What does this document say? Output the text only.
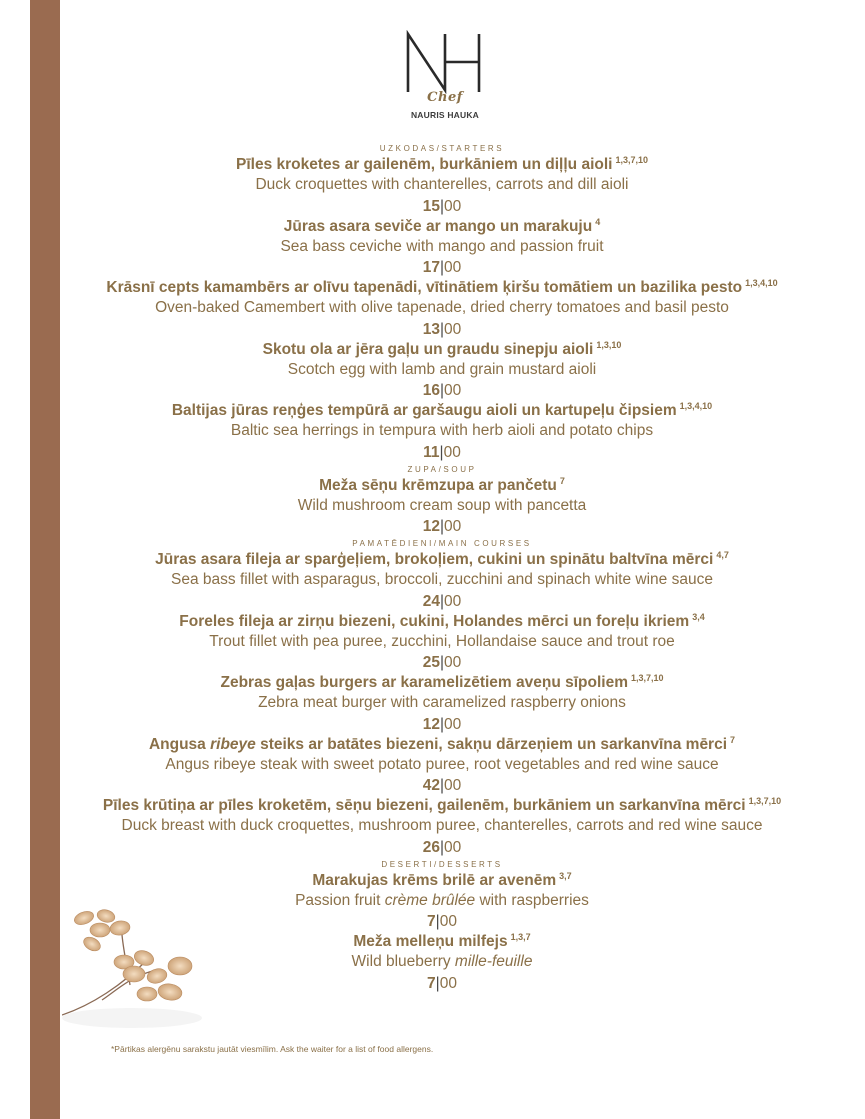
Chef
NAURIS HAUKA
UZKODAS/STARTERS
Pīles kroketes ar gailenēm, burkāniem un diļļu aioli $^{1,3,7,10}$
Duck croquettes with chanterelles, carrots and dill aioli
15|00
Jūras asara seviče ar mango un marakuju $^4$
Sea bass ceviche with mango and passion fruit
17|00
Krāsnī cepts kamambērs ar olīvu tapenādi, vītinātiem ķiršu tomātiem un bazilika pesto $^{1,3,4,10}$
Oven-baked Camembert with olive tapenade, dried cherry tomatoes and basil pesto
13|00
Skotu ola ar jēra gaļu un graudu sinepju aioli $^{1,3,10}$
Scotch egg with lamb and grain mustard aioli
16|00
Baltijas jūras reņģes tempūrā ar garšaugu aioli un kartupeļu čipsiem $^{1,3,4,10}$
Baltic sea herrings in tempura with herb aioli and potato chips
11|00
ZUPA/SOUP
Meža sēņu krēmzupa ar pančetu $^7$
Wild mushroom cream soup with pancetta
12|00
PAMATĒDIENI/MAIN COURSES
Jūras asara fileja ar sparģeļiem, brokoļiem, cukini un spinātu baltvīna mērci $^{4,7}$
Sea bass fillet with asparagus, broccoli, zucchini and spinach white wine sauce
24|00
Foreles fileja ar zirņu biezeni, cukini, Holandes mērci un foreļu ikriem $^{3,4}$
Trout fillet with pea puree, zucchini, Hollandaise sauce and trout roe
25|00
Zebras gaļas burgers ar karamelizētiem aveņu sīpoliem $^{1,3,7,10}$
Zebra meat burger with caramelized raspberry onions
12|00
Angusa ribeye steiks ar batātes biezeni, sakņu dārzeņiem un sarkanvīna mērci $^7$
Angus ribeye steak with sweet potato puree, root vegetables and red wine sauce
42|00
Pīles krūtiņa ar pīles kroketēm, sēņu biezeni, gailenēm, burkāniem un sarkanvīna mērci $^{1,3,7,10}$
Duck breast with duck croquettes, mushroom puree, chanterelles, carrots and red wine sauce
26|00
DESERTI/DESSERTS
Marakujas krēms brilē ar avenēm $^{3,7}$
Passion fruit crème brûlée with raspberries
7|00
Meža melleņu milfejs $^{1,3,7}$
Wild blueberry mille-feuille
7|00
*Pārtikas alergēnu sarakstu jautāt viesmīlim. Ask the waiter for a list of food allergens.
